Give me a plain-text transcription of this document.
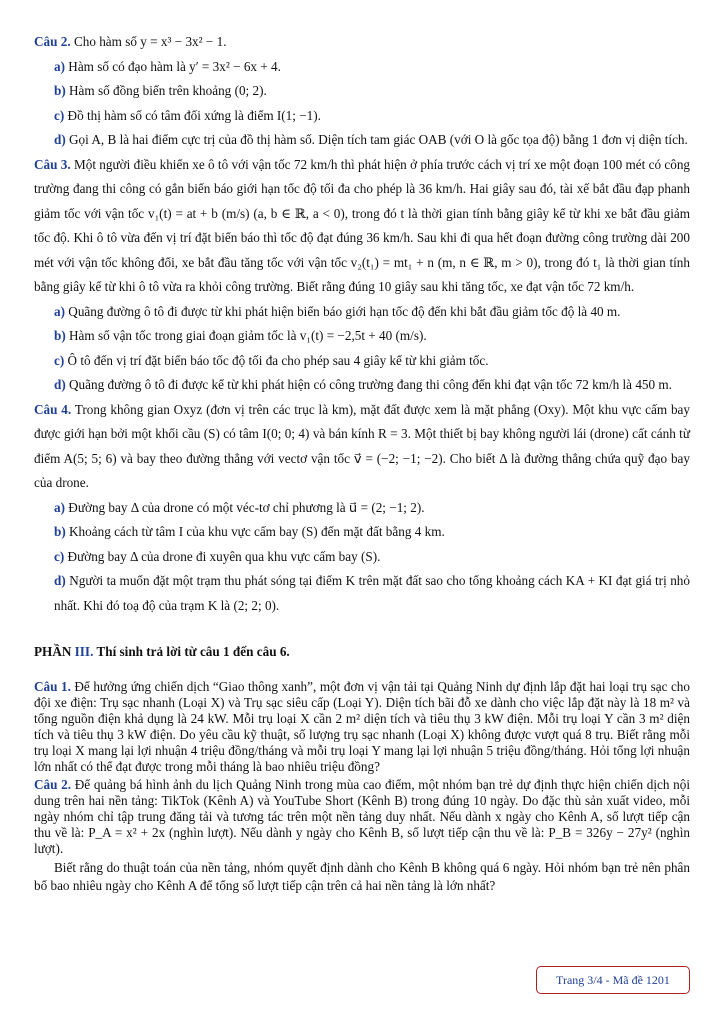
Câu 2. Cho hàm số y = x³ − 3x² − 1.

a) Hàm số có đạo hàm là y′ = 3x² − 6x + 4.

b) Hàm số đồng biến trên khoảng (0; 2).

c) Đồ thị hàm số có tâm đối xứng là điểm I(1; −1).

d) Gọi A, B là hai điểm cực trị của đồ thị hàm số. Diện tích tam giác OAB (với O là gốc tọa độ) bằng 1 đơn vị diện tích.

Câu 3. Một người điều khiển xe ô tô với vận tốc 72 km/h thì phát hiện ở phía trước cách vị trí xe một đoạn 100 mét có công trường đang thi công có gắn biển báo giới hạn tốc độ tối đa cho phép là 36 km/h. Hai giây sau đó, tài xế bắt đầu đạp phanh giảm tốc với vận tốc v₁(t) = at + b (m/s) (a, b ∈ ℝ, a < 0), trong đó t là thời gian tính bằng giây kể từ khi xe bắt đầu giảm tốc độ. Khi ô tô vừa đến vị trí đặt biển báo thì tốc độ đạt đúng 36 km/h. Sau khi đi qua hết đoạn đường công trường dài 200 mét với vận tốc không đổi, xe bắt đầu tăng tốc với vận tốc v₂(t₁) = mt₁ + n (m, n ∈ ℝ, m > 0), trong đó t₁ là thời gian tính bằng giây kể từ khi ô tô vừa ra khỏi công trường. Biết rằng đúng 10 giây sau khi tăng tốc, xe đạt vận tốc 72 km/h.

a) Quãng đường ô tô đi được từ khi phát hiện biển báo giới hạn tốc độ đến khi bắt đầu giảm tốc độ là 40 m.

b) Hàm số vận tốc trong giai đoạn giảm tốc là v₁(t) = −2,5t + 40 (m/s).

c) Ô tô đến vị trí đặt biển báo tốc độ tối đa cho phép sau 4 giây kể từ khi giảm tốc.

d) Quãng đường ô tô đi được kể từ khi phát hiện có công trường đang thi công đến khi đạt vận tốc 72 km/h là 450 m.

Câu 4. Trong không gian Oxyz (đơn vị trên các trục là km), mặt đất được xem là mặt phẳng (Oxy). Một khu vực cấm bay được giới hạn bởi một khối cầu (S) có tâm I(0; 0; 4) và bán kính R = 3. Một thiết bị bay không người lái (drone) cất cánh từ điểm A(5; 5; 6) và bay theo đường thẳng với vectơ vận tốc v⃗ = (−2; −1; −2). Cho biết Δ là đường thẳng chứa quỹ đạo bay của drone.

a) Đường bay Δ của drone có một véc-tơ chỉ phương là u⃗ = (2; −1; 2).

b) Khoảng cách từ tâm I của khu vực cấm bay (S) đến mặt đất bằng 4 km.

c) Đường bay Δ của drone đi xuyên qua khu vực cấm bay (S).

d) Người ta muốn đặt một trạm thu phát sóng tại điểm K trên mặt đất sao cho tổng khoảng cách KA + KI đạt giá trị nhỏ nhất. Khi đó toạ độ của trạm K là (2; 2; 0).

PHẦN III. Thí sinh trả lời từ câu 1 đến câu 6.

Câu 1. Để hưởng ứng chiến dịch “Giao thông xanh”, một đơn vị vận tải tại Quảng Ninh dự định lắp đặt hai loại trụ sạc cho đội xe điện: Trụ sạc nhanh (Loại X) và Trụ sạc siêu cấp (Loại Y). Diện tích bãi đỗ xe dành cho việc lắp đặt này là 18 m² và tổng nguồn điện khả dụng là 24 kW. Mỗi trụ loại X cần 2 m² diện tích và tiêu thụ 3 kW điện. Mỗi trụ loại Y cần 3 m² diện tích và tiêu thụ 3 kW điện. Do yêu cầu kỹ thuật, số lượng trụ sạc nhanh (Loại X) không được vượt quá 8 trụ. Biết rằng mỗi trụ loại X mang lại lợi nhuận 4 triệu đồng/tháng và mỗi trụ loại Y mang lại lợi nhuận 5 triệu đồng/tháng. Hỏi tổng lợi nhuận lớn nhất có thể đạt được trong mỗi tháng là bao nhiêu triệu đồng?

Câu 2. Để quảng bá hình ảnh du lịch Quảng Ninh trong mùa cao điểm, một nhóm bạn trẻ dự định thực hiện chiến dịch nội dung trên hai nền tảng: TikTok (Kênh A) và YouTube Short (Kênh B) trong đúng 10 ngày. Do đặc thù sản xuất video, mỗi ngày nhóm chỉ tập trung đăng tải và tương tác trên một nền tảng duy nhất. Nếu dành x ngày cho Kênh A, số lượt tiếp cận thu về là: P_A = x² + 2x (nghìn lượt). Nếu dành y ngày cho Kênh B, số lượt tiếp cận thu về là: P_B = 326y − 27y² (nghìn lượt).

Biết rằng do thuật toán của nền tảng, nhóm quyết định dành cho Kênh B không quá 6 ngày. Hỏi nhóm bạn trẻ nên phân bổ bao nhiêu ngày cho Kênh A để tổng số lượt tiếp cận trên cả hai nền tảng là lớn nhất?

Trang 3/4 - Mã đề 1201
